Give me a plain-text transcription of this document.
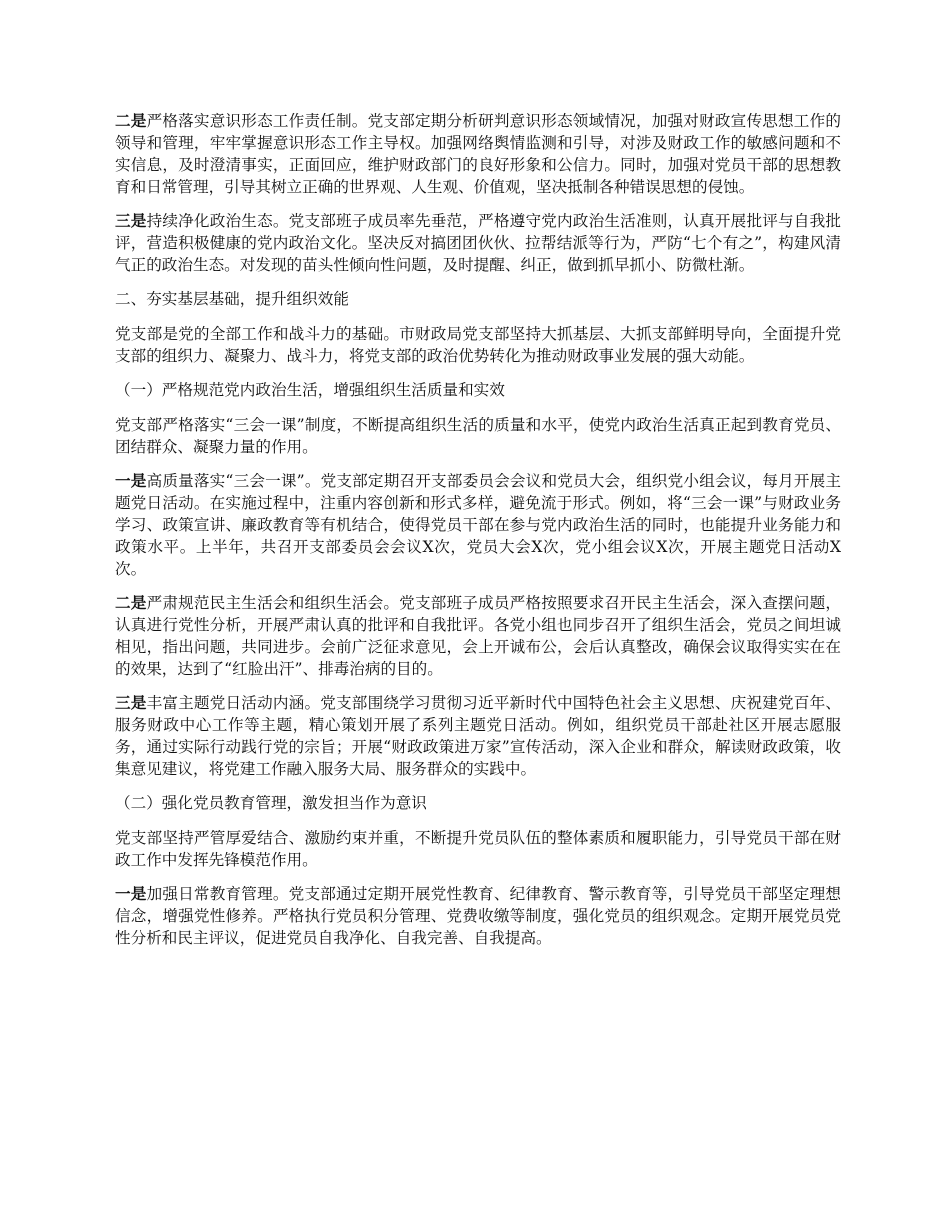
二是严格落实意识形态工作责任制。党支部定期分析研判意识形态领域情况，加强对财政宣传思想工作的领导和管理，牢牢掌握意识形态工作主导权。加强网络舆情监测和引导，对涉及财政工作的敏感问题和不实信息，及时澄清事实，正面回应，维护财政部门的良好形象和公信力。同时，加强对党员干部的思想教育和日常管理，引导其树立正确的世界观、人生观、价值观，坚决抵制各种错误思想的侵蚀。

三是持续净化政治生态。党支部班子成员率先垂范，严格遵守党内政治生活准则，认真开展批评与自我批评，营造积极健康的党内政治文化。坚决反对搞团团伙伙、拉帮结派等行为，严防“七个有之”，构建风清气正的政治生态。对发现的苗头性倾向性问题，及时提醒、纠正，做到抓早抓小、防微杜渐。

二、夯实基层基础，提升组织效能

党支部是党的全部工作和战斗力的基础。市财政局党支部坚持大抓基层、大抓支部鲜明导向，全面提升党支部的组织力、凝聚力、战斗力，将党支部的政治优势转化为推动财政事业发展的强大动能。

（一）严格规范党内政治生活，增强组织生活质量和实效

党支部严格落实“三会一课”制度，不断提高组织生活的质量和水平，使党内政治生活真正起到教育党员、团结群众、凝聚力量的作用。

一是高质量落实“三会一课”。党支部定期召开支部委员会会议和党员大会，组织党小组会议，每月开展主题党日活动。在实施过程中，注重内容创新和形式多样，避免流于形式。例如，将“三会一课”与财政业务学习、政策宣讲、廉政教育等有机结合，使得党员干部在参与党内政治生活的同时，也能提升业务能力和政策水平。上半年，共召开支部委员会会议X次，党员大会X次，党小组会议X次，开展主题党日活动X次。

二是严肃规范民主生活会和组织生活会。党支部班子成员严格按照要求召开民主生活会，深入查摆问题，认真进行党性分析，开展严肃认真的批评和自我批评。各党小组也同步召开了组织生活会，党员之间坦诚相见，指出问题，共同进步。会前广泛征求意见，会上开诚布公，会后认真整改，确保会议取得实实在在的效果，达到了“红脸出汗”、排毒治病的目的。

三是丰富主题党日活动内涵。党支部围绕学习贯彻习近平新时代中国特色社会主义思想、庆祝建党百年、服务财政中心工作等主题，精心策划开展了系列主题党日活动。例如，组织党员干部赴社区开展志愿服务，通过实际行动践行党的宗旨；开展“财政政策进万家”宣传活动，深入企业和群众，解读财政政策，收集意见建议，将党建工作融入服务大局、服务群众的实践中。

（二）强化党员教育管理，激发担当作为意识

党支部坚持严管厚爱结合、激励约束并重，不断提升党员队伍的整体素质和履职能力，引导党员干部在财政工作中发挥先锋模范作用。

一是加强日常教育管理。党支部通过定期开展党性教育、纪律教育、警示教育等，引导党员干部坚定理想信念，增强党性修养。严格执行党员积分管理、党费收缴等制度，强化党员的组织观念。定期开展党员党性分析和民主评议，促进党员自我净化、自我完善、自我提高。
